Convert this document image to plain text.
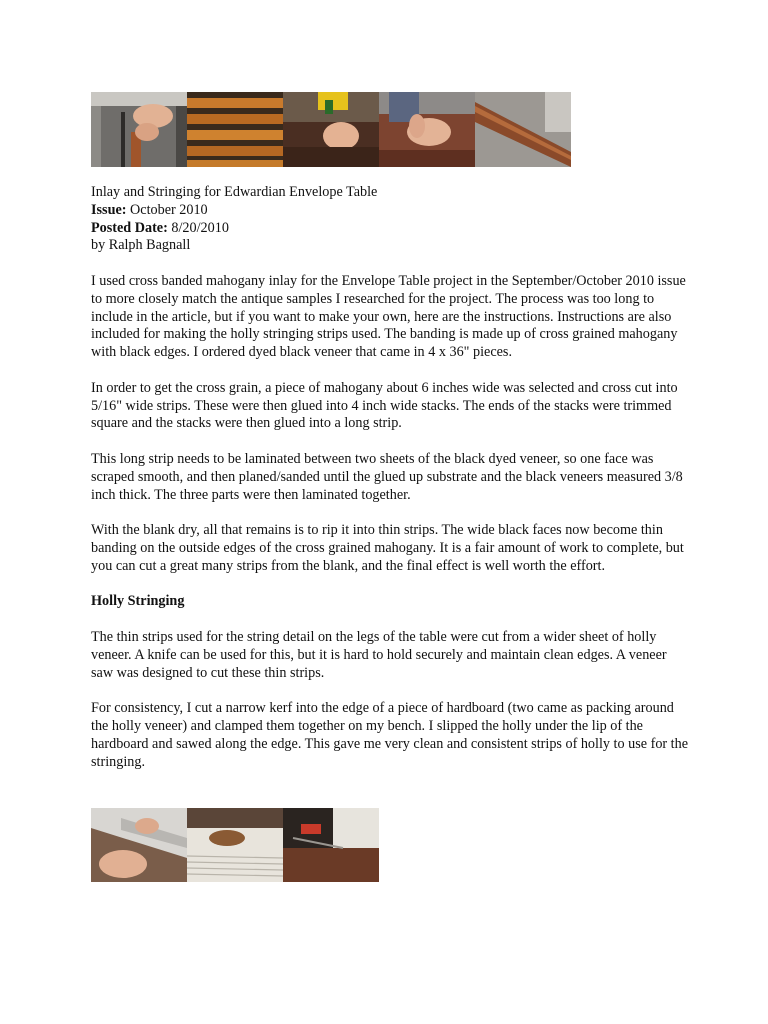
Inlay and Stringing for Edwardian Envelope Table
Issue: October 2010
Posted Date: 8/20/2010
by Ralph Bagnall

I used cross banded mahogany inlay for the Envelope Table project in the September/October 2010 issue to more closely match the antique samples I researched for the project. The process was too long to include in the article, but if you want to make your own, here are the instructions. Instructions are also included for making the holly stringing strips used. The banding is made up of cross grained mahogany with black edges. I ordered dyed black veneer that came in 4 x 36" pieces.

In order to get the cross grain, a piece of mahogany about 6 inches wide was selected and cross cut into 5/16" wide strips. These were then glued into 4 inch wide stacks. The ends of the stacks were trimmed square and the stacks were then glued into a long strip.

This long strip needs to be laminated between two sheets of the black dyed veneer, so one face was scraped smooth, and then planed/sanded until the glued up substrate and the black veneers measured 3/8 inch thick. The three parts were then laminated together.

With the blank dry, all that remains is to rip it into thin strips. The wide black faces now become thin banding on the outside edges of the cross grained mahogany. It is a fair amount of work to complete, but you can cut a great many strips from the blank, and the final effect is well worth the effort.

Holly Stringing

The thin strips used for the string detail on the legs of the table were cut from a wider sheet of holly veneer. A knife can be used for this, but it is hard to hold securely and maintain clean edges. A veneer saw was designed to cut these thin strips.

For consistency, I cut a narrow kerf into the edge of a piece of hardboard (two came as packing around the holly veneer) and clamped them together on my bench. I slipped the holly under the lip of the hardboard and sawed along the edge. This gave me very clean and consistent strips of holly to use for the stringing.
